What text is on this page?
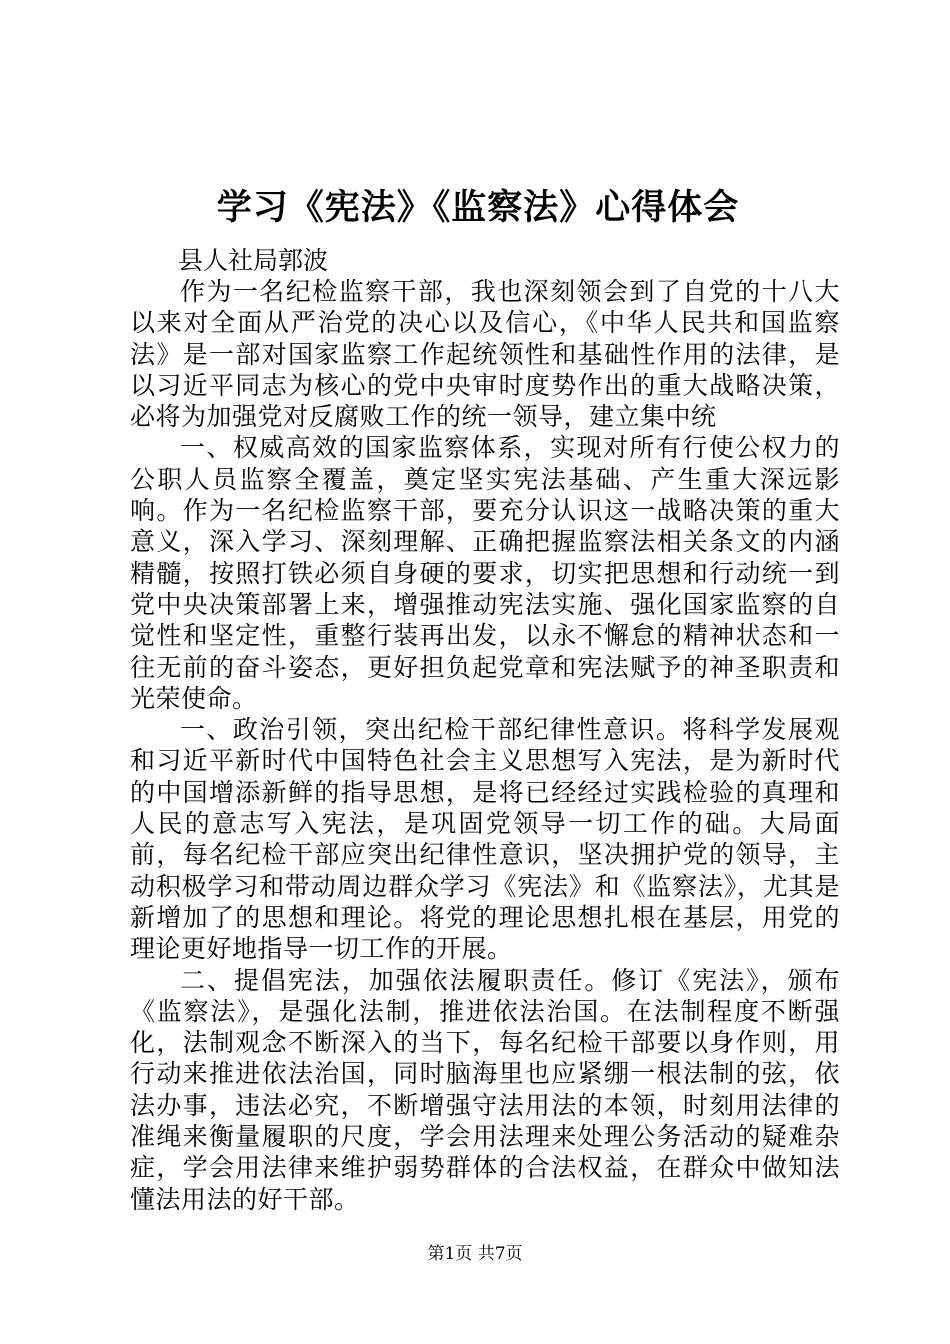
学习《宪法》《监察法》心得体会

县人社局郭波

作为一名纪检监察干部，我也深刻领会到了自党的十八大以来对全面从严治党的决心以及信心，《中华人民共和国监察法》是一部对国家监察工作起统领性和基础性作用的法律，是以习近平同志为核心的党中央审时度势作出的重大战略决策，必将为加强党对反腐败工作的统一领导，建立集中统

一、权威高效的国家监察体系，实现对所有行使公权力的公职人员监察全覆盖，奠定坚实宪法基础、产生重大深远影响。作为一名纪检监察干部，要充分认识这一战略决策的重大意义，深入学习、深刻理解、正确把握监察法相关条文的内涵精髓，按照打铁必须自身硬的要求，切实把思想和行动统一到党中央决策部署上来，增强推动宪法实施、强化国家监察的自觉性和坚定性，重整行装再出发，以永不懈怠的精神状态和一往无前的奋斗姿态，更好担负起党章和宪法赋予的神圣职责和光荣使命。

一、政治引领，突出纪检干部纪律性意识。将科学发展观和习近平新时代中国特色社会主义思想写入宪法，是为新时代的中国增添新鲜的指导思想，是将已经经过实践检验的真理和人民的意志写入宪法，是巩固党领导一切工作的础。大局面前，每名纪检干部应突出纪律性意识，坚决拥护党的领导，主动积极学习和带动周边群众学习《宪法》和《监察法》，尤其是新增加了的思想和理论。将党的理论思想扎根在基层，用党的理论更好地指导一切工作的开展。

二、提倡宪法，加强依法履职责任。修订《宪法》，颁布《监察法》，是强化法制，推进依法治国。在法制程度不断强化，法制观念不断深入的当下，每名纪检干部要以身作则，用行动来推进依法治国，同时脑海里也应紧绷一根法制的弦，依法办事，违法必究，不断增强守法用法的本领，时刻用法律的准绳来衡量履职的尺度，学会用法理来处理公务活动的疑难杂症，学会用法律来维护弱势群体的合法权益，在群众中做知法懂法用法的好干部。

第1页 共7页
